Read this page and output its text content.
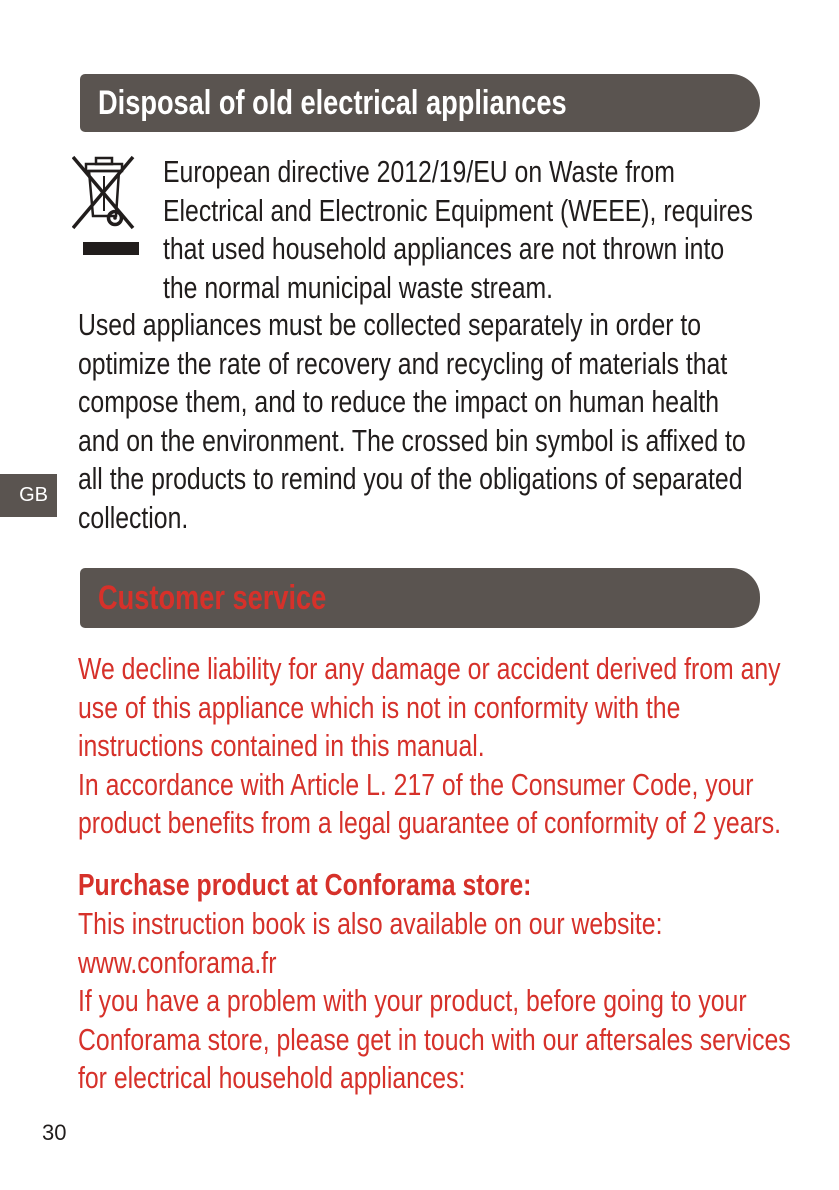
Disposal of old electrical appliances
European directive 2012/19/EU on Waste from
Electrical and Electronic Equipment (WEEE), requires
that used household appliances are not thrown into
the normal municipal waste stream.
Used appliances must be collected separately in order to
optimize the rate of recovery and recycling of materials that
compose them, and to reduce the impact on human health
and on the environment. The crossed bin symbol is affixed to
all the products to remind you of the obligations of separated
collection.
GB
Customer service
We decline liability for any damage or accident derived from any
use of this appliance which is not in conformity with the
instructions contained in this manual.
In accordance with Article L. 217 of the Consumer Code, your
product benefits from a legal guarantee of conformity of 2 years.
Purchase product at Conforama store:
This instruction book is also available on our website:
www.conforama.fr
If you have a problem with your product, before going to your
Conforama store, please get in touch with our aftersales services
for electrical household appliances:
30
